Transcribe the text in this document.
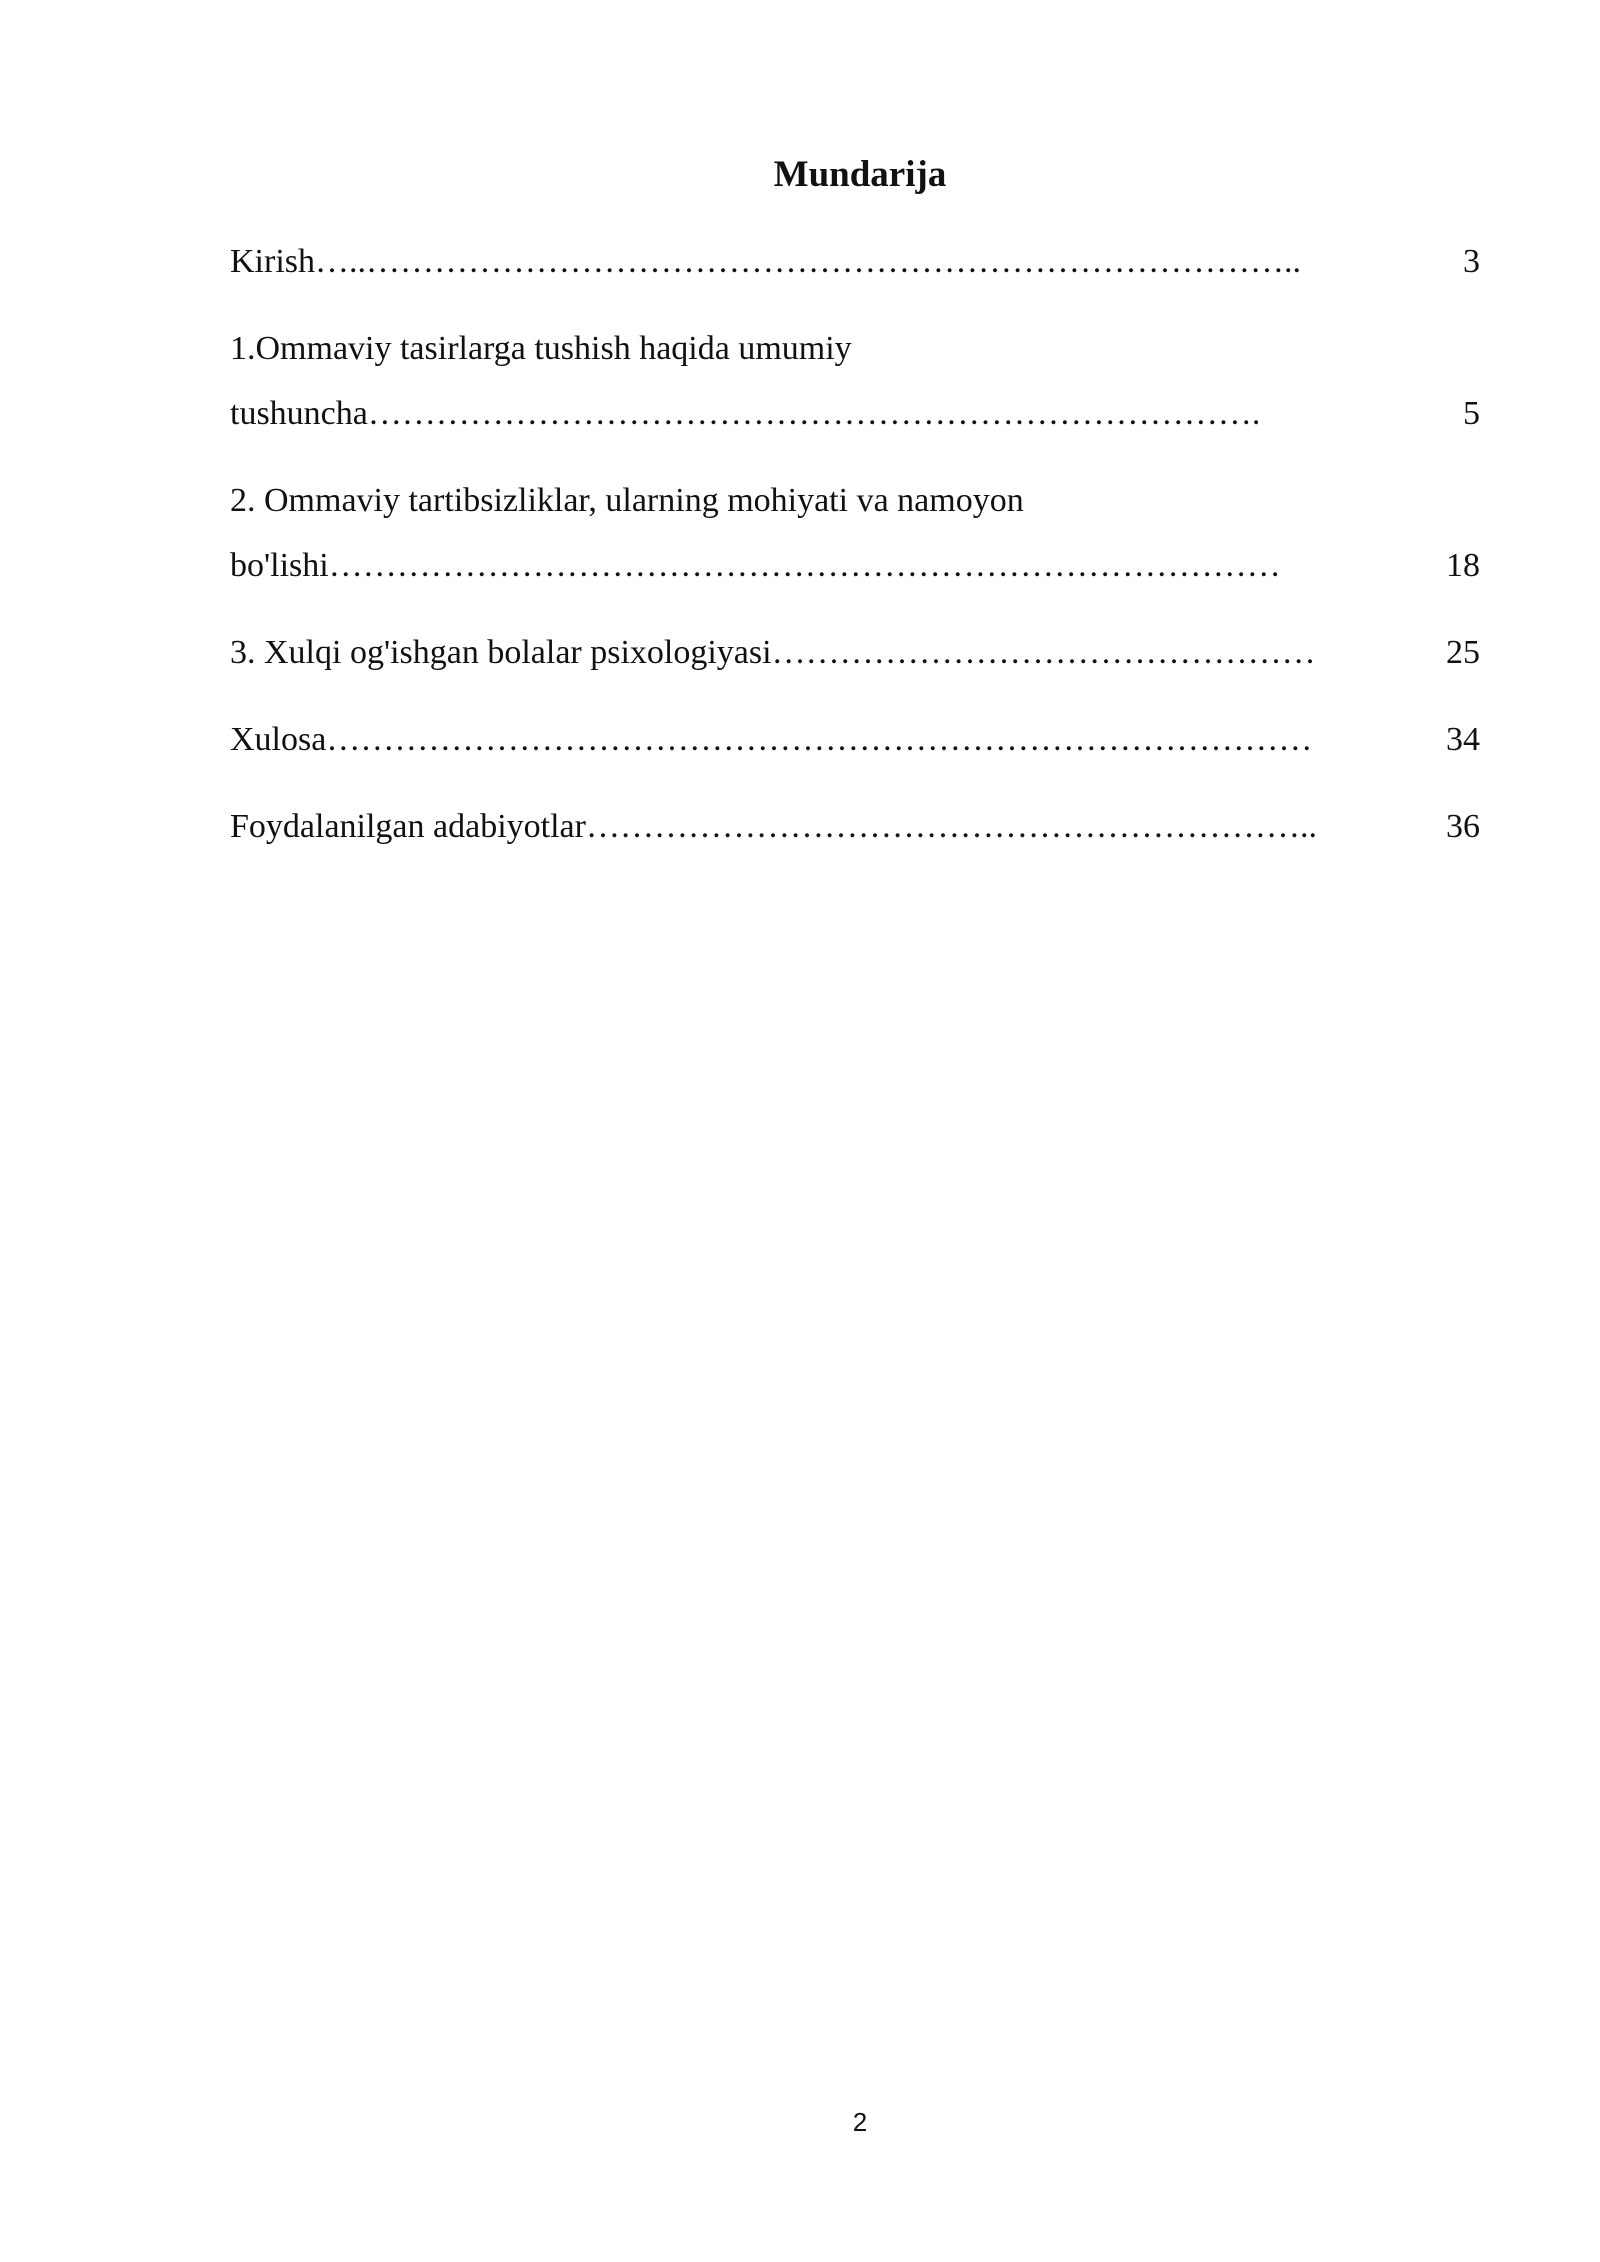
Mundarija
Kirish….. ………………………………………………………………………..	3
1.Ommaviy tasirlarga tushish haqida umumiy
tushuncha …………………………………………………………………….	5
2. Ommaviy tartibsizliklar, ularning mohiyati va namoyon
bo'lishi …………………………………………………………………………	18
3. Xulqi og'ishgan bolalar psixologiyasi …………………………………………	25
Xulosa ……………………………………………………………………………	34
Foydalanilgan adabiyotlar ………………………………………………………..	36
2
